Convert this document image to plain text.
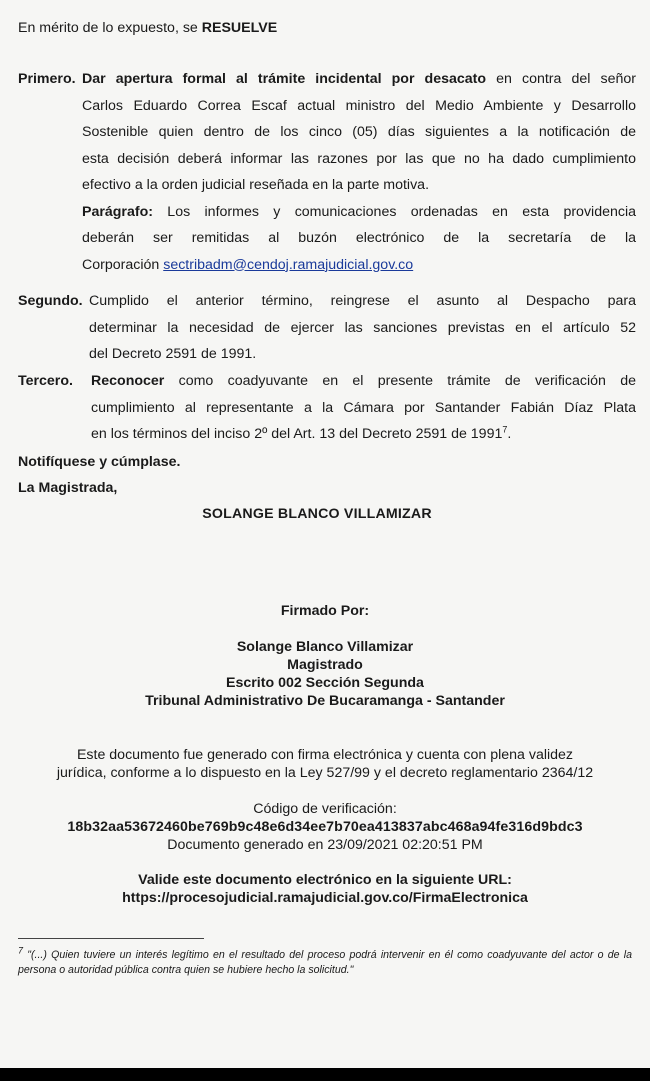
En mérito de lo expuesto, se RESUELVE

Primero. Dar apertura formal al trámite incidental por desacato en contra del señor
Carlos Eduardo Correa Escaf actual ministro del Medio Ambiente y Desarrollo
Sostenible quien dentro de los cinco (05) días siguientes a la notificación de
esta decisión deberá informar las razones por las que no ha dado cumplimiento
efectivo a la orden judicial reseñada en la parte motiva.
Parágrafo: Los informes y comunicaciones ordenadas en esta providencia
deberán ser remitidas al buzón electrónico de la secretaría de la
Corporación sectribadm@cendoj.ramajudicial.gov.co
Segundo. Cumplido el anterior término, reingrese el asunto al Despacho para
determinar la necesidad de ejercer las sanciones previstas en el artículo 52
del Decreto 2591 de 1991.
Tercero. Reconocer como coadyuvante en el presente trámite de verificación de
cumplimiento al representante a la Cámara por Santander Fabián Díaz Plata
en los términos del inciso 2º del Art. 13 del Decreto 2591 de 1991$^7$.

Notifíquese y cúmplase.

La Magistrada,

SOLANGE BLANCO VILLAMIZAR

Firmado Por:

Solange Blanco Villamizar

Magistrado

Escrito 002 Sección Segunda

Tribunal Administrativo De Bucaramanga - Santander

Este documento fue generado con firma electrónica y cuenta con plena validez

jurídica, conforme a lo dispuesto en la Ley 527/99 y el decreto reglamentario 2364/12

Código de verificación:

18b32aa53672460be769b9c48e6d34ee7b70ea413837abc468a94fe316d9bdc3

Documento generado en 23/09/2021 02:20:51 PM

Valide este documento electrónico en la siguiente URL:

https://procesojudicial.ramajudicial.gov.co/FirmaElectronica

$^7$ "(...) Quien tuviere un interés legítimo en el resultado del proceso podrá intervenir en él como coadyuvante del actor o de la persona o autoridad pública contra quien se hubiere hecho la solicitud."
